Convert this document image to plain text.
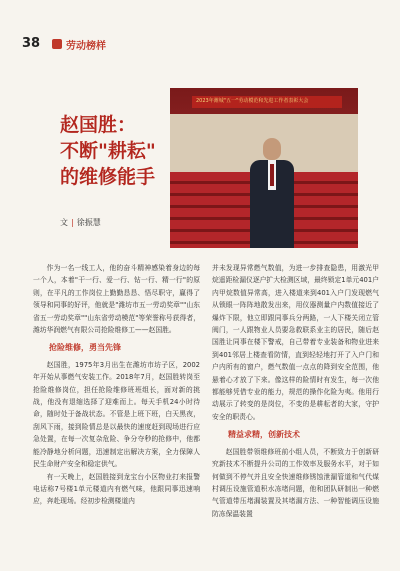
38	劳动榜样
2023年潍城"五一"劳动模范和先进工作者表彰大会
赵国胜：
不断"耕耘"
的维修能手
文 | 徐振慧

作为一名一线工人，他的奋斗精神感染着身边的每一个人，本着"干一行、爱一行、钻一行、精一行"的原则，在平凡的工作岗位上勤勤恳恳、悟尽职守，赢得了领导和同事的好评，他就是"潍坊市五一劳动奖章""山东省五一劳动奖章""山东省劳动模范"等荣誉称号获得者，潍坊华润燃气有限公司抢险维修工——赵国胜。

抢险维修，勇当先锋

赵国胜，1975年3月出生在潍坊市坊子区，2002年开始从事燃气安装工作。2018年7月，赵国胜转岗至抢险维修岗位，担任抢险维修班班组长，面对新的挑战，他没有退缩选择了迎难而上。每天手机24小时待命，随时处于备战状态。不管是上班下班，白天黑夜，刮风下雨，接到险情总是以最快的速度赶到现场进行应急处置，在每一次复杂危险、争分夺秒的抢修中，他都能冷静地分析问题，迅速制定出解决方案，全力保障人民生命财产安全和稳定供气。

有一天晚上，赵国胜接到龙宝台小区物业打来报警电话称7号楼1单元楼道内有燃气味，他跟同事迅速响应，奔赴现场。经初步检测楼道内

并未发现异常燃气数值，为进一步排查隐患，用激光甲烷遥距检漏仪逐户扩大检测区域，最终锁定1单元401户内甲烷数值异常高，进入楼道来到401入户门发现燃气从锁眼一阵阵地散发出来，用仪器测量户内数值接近了爆炸下限，他立即跟同事兵分两路，一人下楼关闭立管阀门，一人跟物业人员要急救联系业主的居民，随后赵国胜让同事在楼下警戒，自己带着专业装备和物业进来到401邻居上楼查看防情，直到轻轻地打开了入户门和户内所有的窗户，燃气数值一点点的降到安全范围，他悬着心才放了下来。像这样的险情时有发生，每一次他都能够凭借专业的能力，规范的操作化险为夷。他用行动展示了转变的是岗位，不变的是耕耘者的大家，守护安全的职责心。

精益求精，创新技术

赵国胜带领维修班前小组人员，不断致力于创新研究新技术不断提升公司的工作效率及服务水平，对于如何做到不停气并且安全快速维修锈蚀泄漏管道和气代煤村调压设施管道积水冻堵问题，他和团队研制出一种燃气管道带压堵漏装置及其堵漏方法、一种智能调压设施防冻保温装置
